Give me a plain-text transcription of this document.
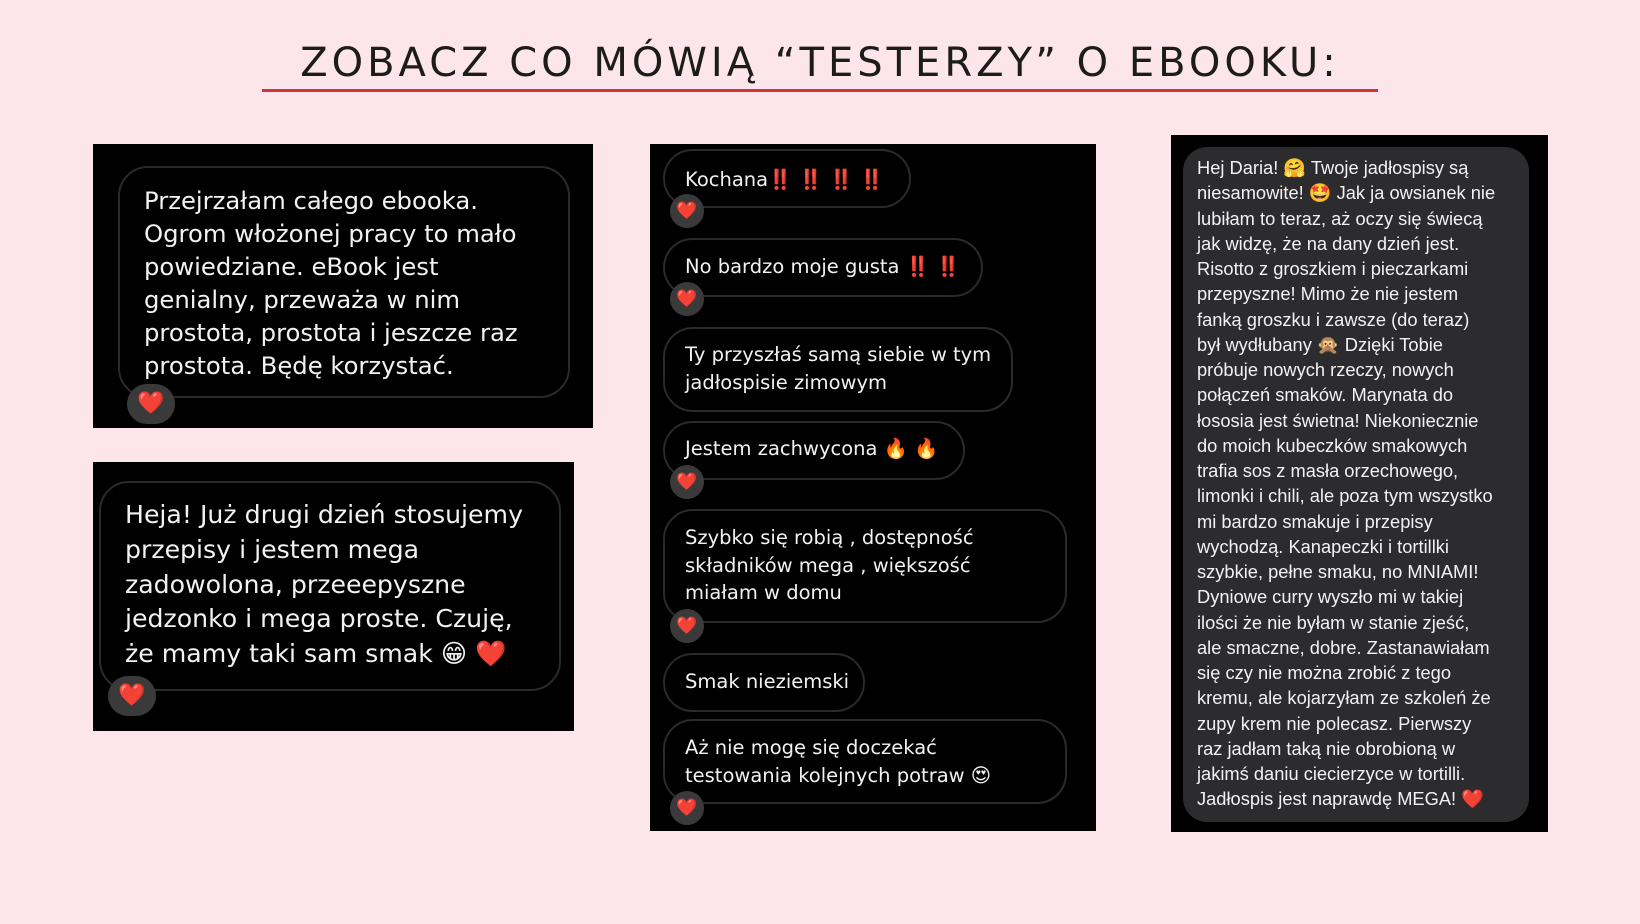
ZOBACZ CO MÓWIĄ “TESTERZY” O EBOOKU:
Przejrzałam całego ebooka. Ogrom włożonej pracy to mało powiedziane. eBook jest genialny, przeważa w nim prostota, prostota i jeszcze raz prostota. Będę korzystać.
❤️
Heja! Już drugi dzień stosujemy przepisy i jestem mega zadowolona, przeeepyszne jedzonko i mega proste. Czuję, że mamy taki sam smak 😁 ❤️
❤️
Kochana‼️ ‼️ ‼️ ‼️
❤️
No bardzo moje gusta ‼️ ‼️
❤️
Ty przyszłaś samą siebie w tym jadłospisie zimowym
Jestem zachwycona 🔥 🔥
❤️
Szybko się robią , dostępność składników mega , większość miałam w domu
❤️
Smak nieziemski
Aż nie mogę się doczekać testowania kolejnych potraw 😍
❤️
Hej Daria! 🤗 Twoje jadłospisy są
niesamowite! 🤩 Jak ja owsianek nie
lubiłam to teraz, aż oczy się świecą
jak widzę, że na dany dzień jest.
Risotto z groszkiem i pieczarkami
przepyszne! Mimo że nie jestem
fanką groszku i zawsze (do teraz)
był wydłubany 🙊 Dzięki Tobie
próbuje nowych rzeczy, nowych
połączeń smaków. Marynata do
łososia jest świetna! Niekoniecznie
do moich kubeczków smakowych
trafia sos z masła orzechowego,
limonki i chili, ale poza tym wszystko
mi bardzo smakuje i przepisy
wychodzą. Kanapeczki i tortillki
szybkie, pełne smaku, no MNIAMI!
Dyniowe curry wyszło mi w takiej
ilości że nie byłam w stanie zjeść,
ale smaczne, dobre. Zastanawiałam
się czy nie można zrobić z tego
kremu, ale kojarzyłam ze szkoleń że
zupy krem nie polecasz. Pierwszy
raz jadłam taką nie obrobioną w
jakimś daniu ciecierzyce w tortilli.
Jadłospis jest naprawdę MEGA! ❤️
